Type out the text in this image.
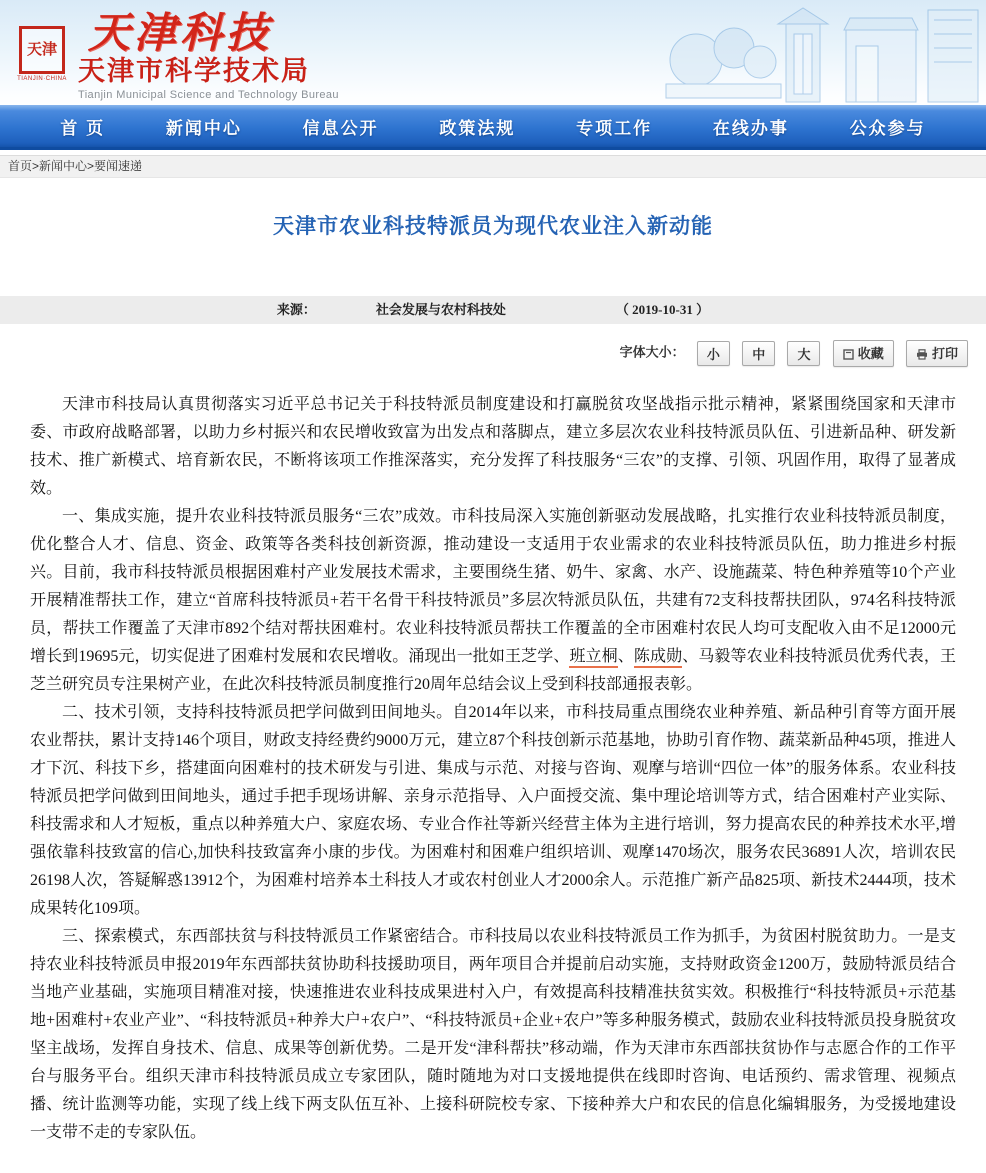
天津
TIANJIN·CHINA
天津科技
天津市科学技术局
Tianjin Municipal Science and Technology Bureau
首 页	新闻中心	信息公开	政策法规	专项工作	在线办事	公众参与
首页>新闻中心>要闻速递
天津市农业科技特派员为现代农业注入新动能
来源：	社会发展与农村科技处	（ 2019-10-31 ）
字体大小： 小 中 大	收藏	打印

天津市科技局认真贯彻落实习近平总书记关于科技特派员制度建设和打赢脱贫攻坚战指示批示精神，紧紧围绕国家和天津市委、市政府战略部署，以助力乡村振兴和农民增收致富为出发点和落脚点，建立多层次农业科技特派员队伍、引进新品种、研发新技术、推广新模式、培育新农民，不断将该项工作推深落实，充分发挥了科技服务“三农”的支撑、引领、巩固作用，取得了显著成效。

一、集成实施，提升农业科技特派员服务“三农”成效。市科技局深入实施创新驱动发展战略，扎实推行农业科技特派员制度，优化整合人才、信息、资金、政策等各类科技创新资源，推动建设一支适用于农业需求的农业科技特派员队伍，助力推进乡村振兴。目前，我市科技特派员根据困难村产业发展技术需求，主要围绕生猪、奶牛、家禽、水产、设施蔬菜、特色种养殖等10个产业开展精准帮扶工作，建立“首席科技特派员+若干名骨干科技特派员”多层次特派员队伍，共建有72支科技帮扶团队，974名科技特派员，帮扶工作覆盖了天津市892个结对帮扶困难村。农业科技特派员帮扶工作覆盖的全市困难村农民人均可支配收入由不足12000元增长到19695元，切实促进了困难村发展和农民增收。涌现出一批如王芝学、班立桐、陈成勋、马毅等农业科技特派员优秀代表，王芝兰研究员专注果树产业，在此次科技特派员制度推行20周年总结会议上受到科技部通报表彰。

二、技术引领，支持科技特派员把学问做到田间地头。自2014年以来，市科技局重点围绕农业种养殖、新品种引育等方面开展农业帮扶，累计支持146个项目，财政支持经费约9000万元，建立87个科技创新示范基地，协助引育作物、蔬菜新品种45项，推进人才下沉、科技下乡，搭建面向困难村的技术研发与引进、集成与示范、对接与咨询、观摩与培训“四位一体”的服务体系。农业科技特派员把学问做到田间地头，通过手把手现场讲解、亲身示范指导、入户面授交流、集中理论培训等方式，结合困难村产业实际、科技需求和人才短板，重点以种养殖大户、家庭农场、专业合作社等新兴经营主体为主进行培训，努力提高农民的种养技术水平,增强依靠科技致富的信心,加快科技致富奔小康的步伐。为困难村和困难户组织培训、观摩1470场次，服务农民36891人次，培训农民26198人次，答疑解惑13912个，为困难村培养本土科技人才或农村创业人才2000余人。示范推广新产品825项、新技术2444项，技术成果转化109项。

三、探索模式，东西部扶贫与科技特派员工作紧密结合。市科技局以农业科技特派员工作为抓手，为贫困村脱贫助力。一是支持农业科技特派员申报2019年东西部扶贫协助科技援助项目，两年项目合并提前启动实施，支持财政资金1200万，鼓励特派员结合当地产业基础，实施项目精准对接，快速推进农业科技成果进村入户，有效提高科技精准扶贫实效。积极推行“科技特派员+示范基地+困难村+农业产业”、“科技特派员+种养大户+农户”、“科技特派员+企业+农户”等多种服务模式，鼓励农业科技特派员投身脱贫攻坚主战场，发挥自身技术、信息、成果等创新优势。二是开发“津科帮扶”移动端，作为天津市东西部扶贫协作与志愿合作的工作平台与服务平台。组织天津市科技特派员成立专家团队，随时随地为对口支援地提供在线即时咨询、电话预约、需求管理、视频点播、统计监测等功能，实现了线上线下两支队伍互补、上接科研院校专家、下接种养大户和农民的信息化编辑服务，为受援地建设一支带不走的专家队伍。
